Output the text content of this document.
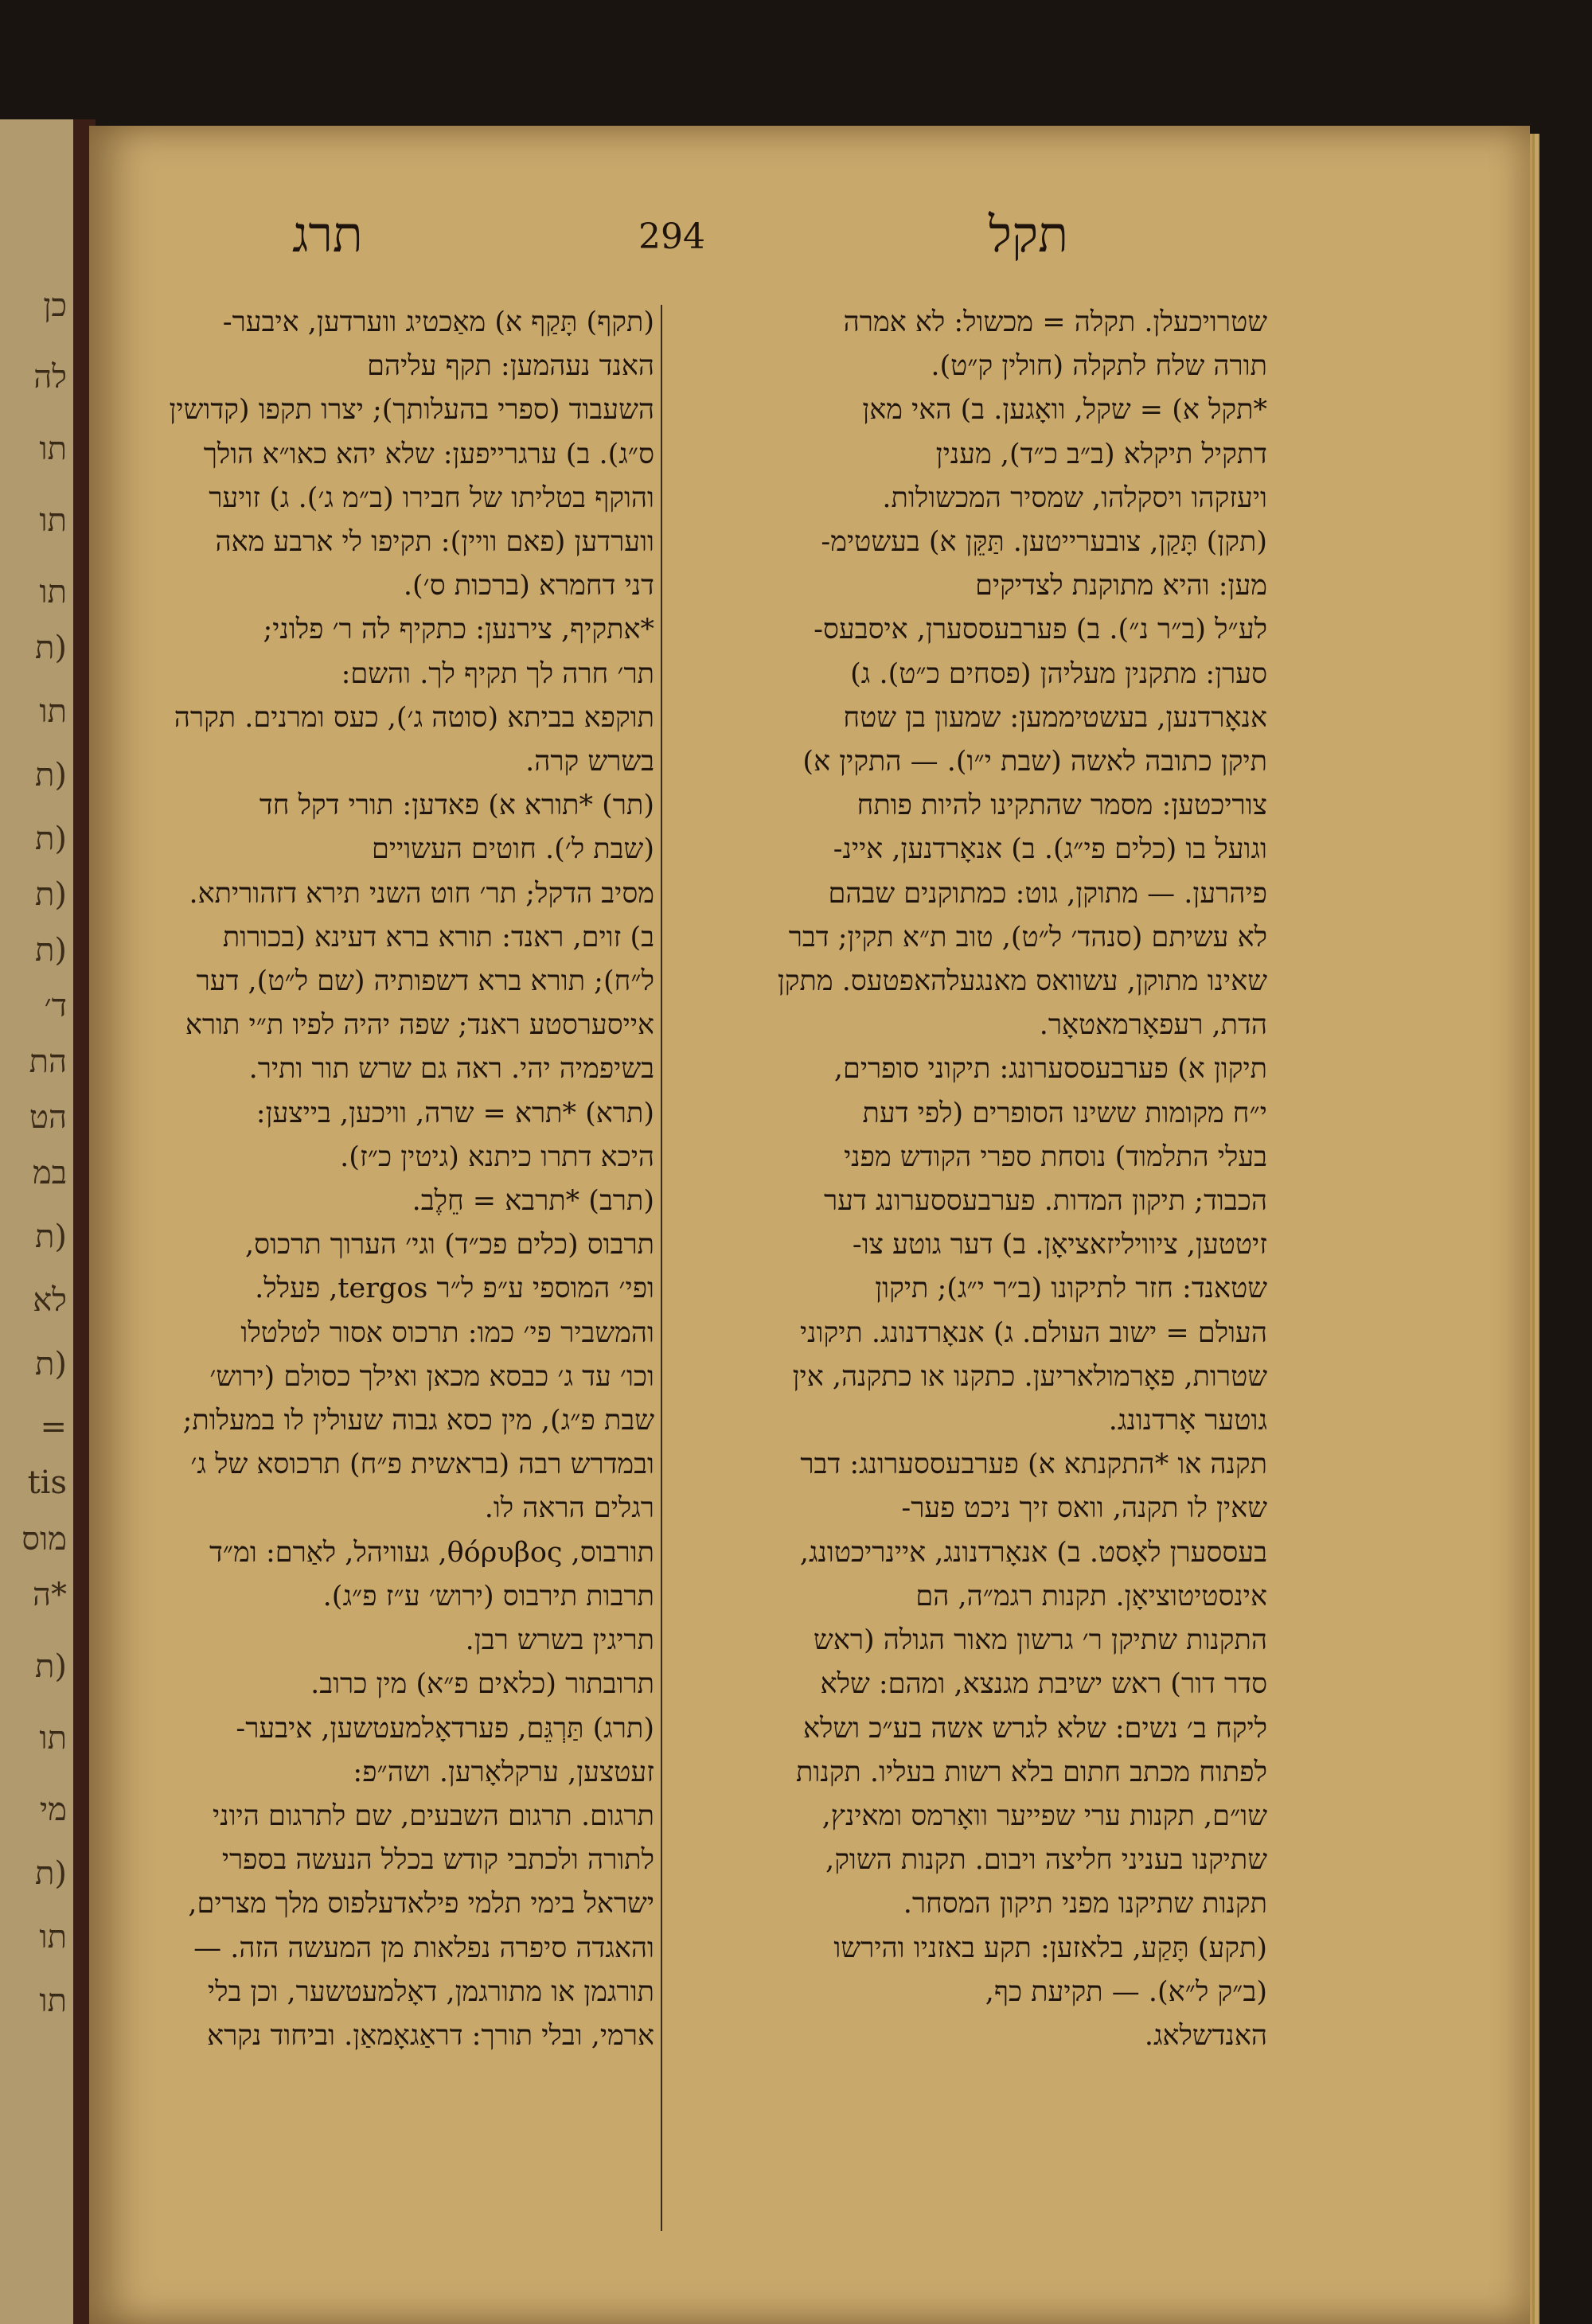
כן
לה
תו
תו
תו
(ת
תו
(ת
(ת
(ת
(ת
ד׳
הת
הט
במ
(ת
לא
(ת
=
tis
מוס
*ה
(ת
תו
מי
(ת
תו
תו
תקל
294
תרג

שטרויכעלן. תקלה = מכשול: לא אמרה

תורה שלח לתקלה (חולין ק״ט).

*תקל א) = שקל, וואָגען. ב) האי מאן

דתקיל תיקלא (ב״ב כ״ד), מענין

ויעזקהו ויסקלהו, שמסיר המכשולות.

(תקן) תָּקַן, צובערייטען. תַּקֵּן א) בעשטימ-

מען: והיא מתוקנת לצדיקים

לע״ל (ב״ר נ״). ב) פערבעססערן, איסבעס-

סערן: מתקנין מעליהן (פסחים כ״ט). ג)

אנאָרדנען, בעשטיממען: שמעון בן שטח

תיקן כתובה לאשה (שבת י״ו). — התקין א)

צוריכטען: מסמר שהתקינו להיות פותח

וגועל בו (כלים פי״ג). ב) אנאָרדנען, איינ-

פיהרען. — מתוקן, גוט: כמתוקנים שבהם

לא עשיתם (סנהד׳ ל״ט), טוב ת״א תקין; דבר

שאינו מתוקן, עשוואס מאנגעלהאפטעס. מתקן

הדת, רעפאָרמאטאָר.

תיקון א) פערבעססערונג: תיקוני סופרים,

י״ח מקומות ששינו הסופרים (לפי דעת

בעלי התלמוד) נוסחת ספרי הקודש מפני

הכבוד; תיקון המדות. פערבעססערונג דער

זיטטען, ציוויליזאציאָן. ב) דער גוטע צו-

שטאנד: חזר לתיקונו (ב״ר י״ג); תיקון

העולם = ישוב העולם. ג) אנאָרדנונג. תיקוני

שטרות, פאָרמולאריען. כתקנו או כתקנה, אין

גוטער אָרדנונג.

תקנה או *התקנתא א) פערבעססערונג: דבר

שאין לו תקנה, וואס זיך ניכט פער-

בעססערן לאָסט. ב) אנאָרדנונג, איינריכטונג,

אינסטיטוציאָן. תקנות רגמ״ה, הם

התקנות שתיקן ר׳ גרשון מאור הגולה (ראש

סדר דור) ראש ישיבת מגנצא, ומהם: שלא

ליקח ב׳ נשים: שלא לגרש אשה בע״כ ושלא

לפתוח מכתב חתום בלא רשות בעליו. תקנות

שו״ם, תקנות ערי שפייער וואָרמס ומאינץ,

שתיקנו בעניני חליצה ויבום. תקנות השוק,

תקנות שתיקנו מפני תיקון המסחר.

(תקע) תָּקַע, בלאזען: תקע באזניו והירשו

(ב״ק ל״א). — תקיעת כף,

האנדשלאג.

(תקף) תָּקַף א) מאַכטיג ווערדען, איבער-

האנד נעהמען: תקף עליהם

השעבוד (ספרי בהעלותך); יצרו תקפו (קדושין

ס״ג). ב) ערגרייפען: שלא יהא כאו״א הולך

והוקף בטליתו של חבירו (ב״מ ג׳). ג) זויער

ווערדען (פאם וויין): תקיפו לי ארבע מאה

דני דחמרא (ברכות ס׳).

*אתקיף, צירנען: כתקיף לה ר׳ פלוני;

תר׳ חרה לך תקיף לך. והשם:

תוקפא בביתא (סוטה ג׳), כעס ומרנים. תקרה

בשרש קרה.

(תר) *תורא א) פאדען: תורי דקל חד

(שבת ל׳). חוטים העשויים

מסיב הדקל; תר׳ חוט השני תירא דזהוריתא.

ב) זוים, ראנד: תורא ברא דעינא (בכורות

ל״ח); תורא ברא דשפותיה (שם ל״ט), דער

אייסערסטע ראנד; שפה יהיה לפיו ת״י תורא

בשיפמיה יהי. ראה גם שרש תור ותיר.

(תרא) *תרא = שרה, וויכען, בייצען:

היכא דתרו כיתנא (גיטין כ״ז).

(תרב) *תרבא = חֵלֶב.

תרבוס (כלים פכ״ד) וגי׳ הערוך תרכוס,

ופי׳ המוספי ע״פ ל״ר tergos, פעלל.

והמשביר פי׳ כמו: תרכוס אסור לטלטלו

וכו׳ עד ג׳ כבסא מכאן ואילך כסולם (ירוש׳

שבת פ״ג), מין כסא גבוה שעולין לו במעלות;

ובמדרש רבה (בראשית פ״ח) תרכוסא של ג׳

רגלים הראה לו.

תורבוס, θόρυβος, געוויהל, לאַרם: ומ״ד

תרבות תירבוס (ירוש׳ ע״ז פ״ג).

תריגין בשרש רבן.

תרובתור (כלאים פ״א) מין כרוב.

(תרג) תַּרְגֵּם, פערדאָלמעטשען, איבער-

זעטצען, ערקלאָרען. ושה״פ:

תרגום. תרגום השבעים, שם לתרגום היוני

לתורה ולכתבי קודש בכלל הנעשה בספרי

ישראל בימי תלמי פילאדעלפוס מלך מצרים,

והאגדה סיפרה נפלאות מן המעשה הזה. —

תורגמן או מתורגמן, דאָלמעטשער, וכן בלי

ארמי, ובלי תורך: דראַגאָמאַן. וביחוד נקרא
